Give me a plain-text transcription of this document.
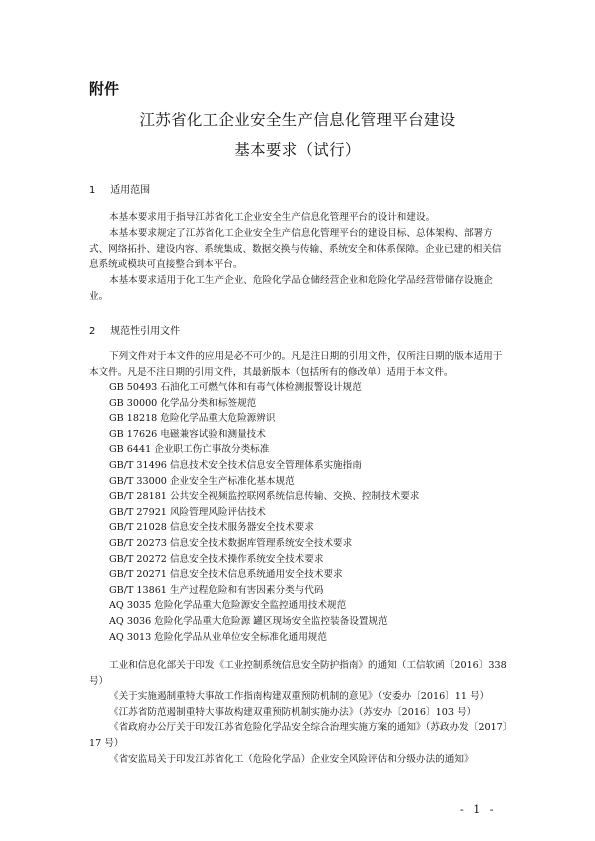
附件
江苏省化工企业安全生产信息化管理平台建设
基本要求（试行）
1 适用范围

本基本要求用于指导江苏省化工企业安全生产信息化管理平台的设计和建设。

本基本要求规定了江苏省化工企业安全生产信息化管理平台的建设目标、总体架构、部署方式、网络拓扑、建设内容、系统集成、数据交换与传输、系统安全和体系保障。企业已建的相关信息系统或模块可直接整合到本平台。

本基本要求适用于化工生产企业、危险化学品仓储经营企业和危险化学品经营带储存设施企业。

2 规范性引用文件

下列文件对于本文件的应用是必不可少的。凡是注日期的引用文件，仅所注日期的版本适用于本文件。凡是不注日期的引用文件，其最新版本（包括所有的修改单）适用于本文件。

GB 50493 石油化工可燃气体和有毒气体检测报警设计规范
GB 30000 化学品分类和标签规范
GB 18218 危险化学品重大危险源辨识
GB 17626 电磁兼容试验和测量技术
GB 6441 企业职工伤亡事故分类标准
GB/T 31496 信息技术安全技术信息安全管理体系实施指南
GB/T 33000 企业安全生产标准化基本规范
GB/T 28181 公共安全视频监控联网系统信息传输、交换、控制技术要求
GB/T 27921 风险管理风险评估技术
GB/T 21028 信息安全技术服务器安全技术要求
GB/T 20273 信息安全技术数据库管理系统安全技术要求
GB/T 20272 信息安全技术操作系统安全技术要求
GB/T 20271 信息安全技术信息系统通用安全技术要求
GB/T 13861 生产过程危险和有害因素分类与代码
AQ 3035 危险化学品重大危险源安全监控通用技术规范
AQ 3036 危险化学品重大危险源 罐区现场安全监控装备设置规范
AQ 3013 危险化学品从业单位安全标准化通用规范
工业和信息化部关于印发《工业控制系统信息安全防护指南》的通知（工信软函〔2016〕338 号）
《关于实施遏制重特大事故工作指南构建双重预防机制的意见》（安委办〔2016〕11 号）
《江苏省防范遏制重特大事故构建双重预防机制实施办法》（苏安办〔2016〕103 号）
《省政府办公厅关于印发江苏省危险化学品安全综合治理实施方案的通知》（苏政办发〔2017〕17 号）
《省安监局关于印发江苏省化工（危险化学品）企业安全风险评估和分级办法的通知》
- 1 -
